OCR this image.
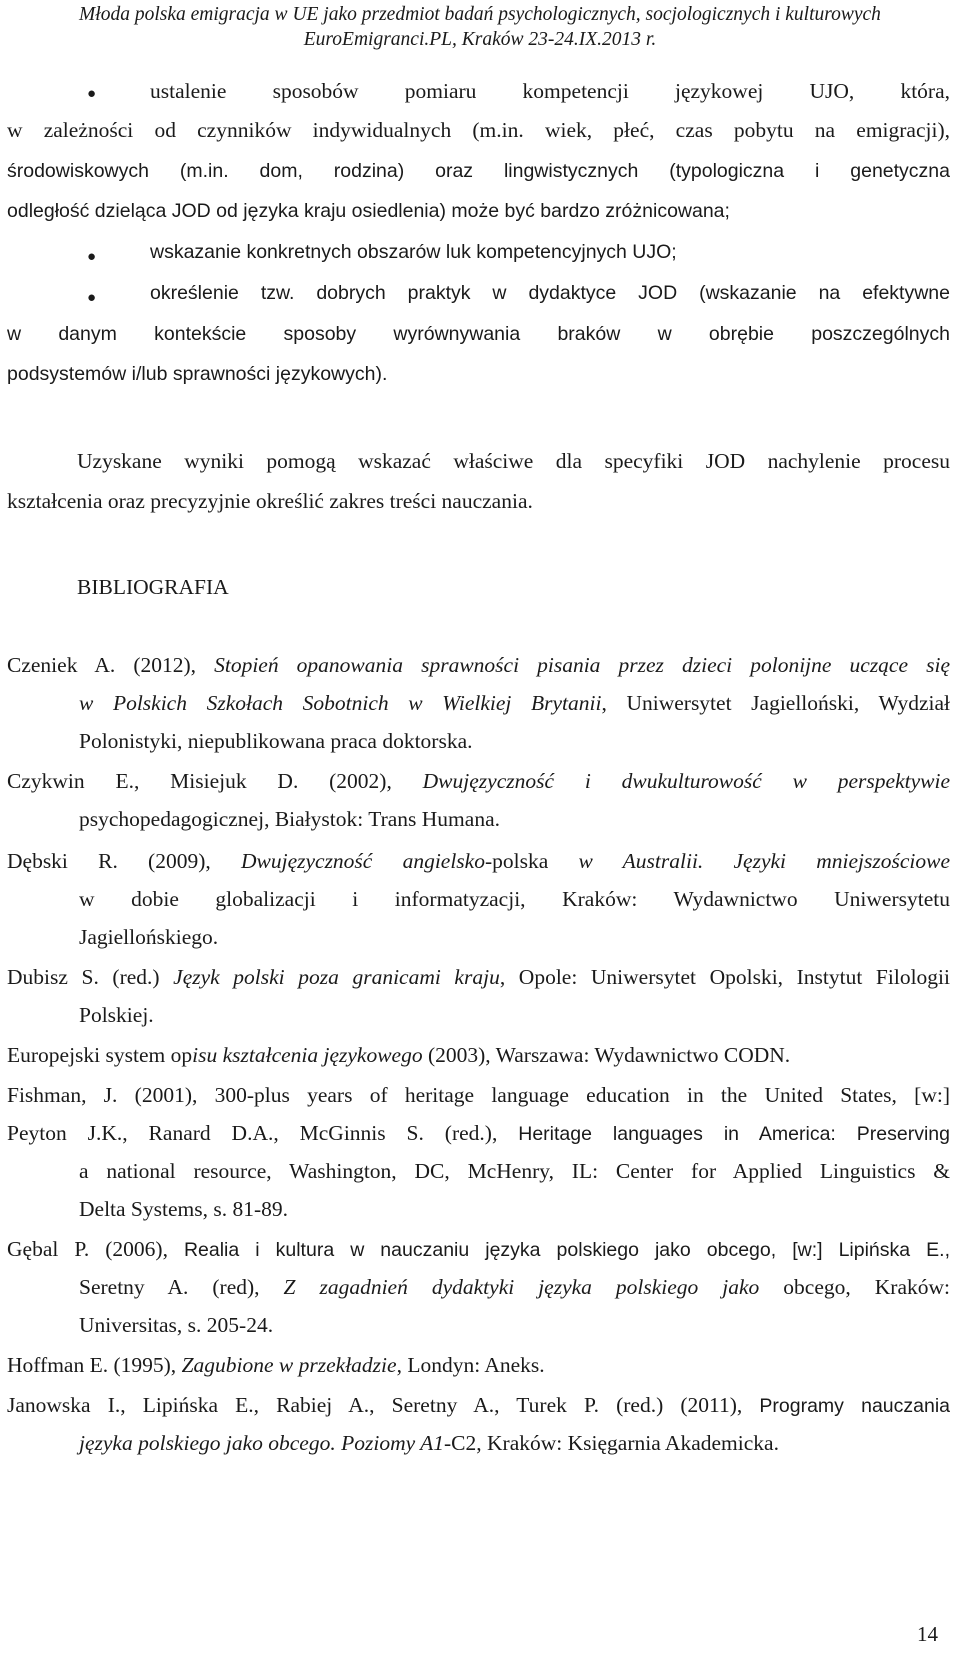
Młoda polska emigracja w UE jako przedmiot badań psychologicznych, socjologicznych i kulturowych
EuroEmigranci.PL, Kraków 23-24.IX.2013 r.
●	ustalenie sposobów pomiaru kompetencji językowej UJO, która,
w zależności od czynników indywidualnych (m.in. wiek, płeć, czas pobytu na emigracji),
środowiskowych (m.in. dom, rodzina) oraz lingwistycznych (typologiczna i genetyczna
odległość dzieląca JOD od języka kraju osiedlenia) może być bardzo zróżnicowana;
●	wskazanie konkretnych obszarów luk kompetencyjnych UJO;
●	określenie tzw. dobrych praktyk w dydaktyce JOD (wskazanie na efektywne
w danym kontekście sposoby wyrównywania braków w obrębie poszczególnych
podsystemów i/lub sprawności językowych).
Uzyskane wyniki pomogą wskazać właściwe dla specyfiki JOD nachylenie procesu
kształcenia oraz precyzyjnie określić zakres treści nauczania.
BIBLIOGRAFIA
Czeniek A. (2012), Stopień opanowania sprawności pisania przez dzieci polonijne uczące się
w Polskich Szkołach Sobotnich w Wielkiej Brytanii, Uniwersytet Jagielloński, Wydział
Polonistyki, niepublikowana praca doktorska.
Czykwin E., Misiejuk D. (2002), Dwujęzyczność i dwukulturowość w perspektywie
psychopedagogicznej, Białystok: Trans Humana.
Dębski R. (2009), Dwujęzyczność angielsko-polska w Australii. Języki mniejszościowe
w dobie globalizacji i informatyzacji, Kraków: Wydawnictwo Uniwersytetu
Jagiellońskiego.
Dubisz S. (red.) Język polski poza granicami kraju, Opole: Uniwersytet Opolski, Instytut Filologii
Polskiej.
Europejski system opisu kształcenia językowego (2003), Warszawa: Wydawnictwo CODN.
Fishman, J. (2001), 300-plus years of heritage language education in the United States, [w:]
Peyton J.K., Ranard D.A., McGinnis S. (red.), Heritage languages in America: Preserving
a national resource, Washington, DC, McHenry, IL: Center for Applied Linguistics &
Delta Systems, s. 81-89.
Gębal P. (2006), Realia i kultura w nauczaniu języka polskiego jako obcego, [w:] Lipińska E.,
Seretny A. (red), Z zagadnień dydaktyki języka polskiego jako obcego, Kraków:
Universitas, s. 205-24.
Hoffman E. (1995), Zagubione w przekładzie, Londyn: Aneks.
Janowska I., Lipińska E., Rabiej A., Seretny A., Turek P. (red.) (2011), Programy nauczania
języka polskiego jako obcego. Poziomy A1-C2, Kraków: Księgarnia Akademicka.
14
